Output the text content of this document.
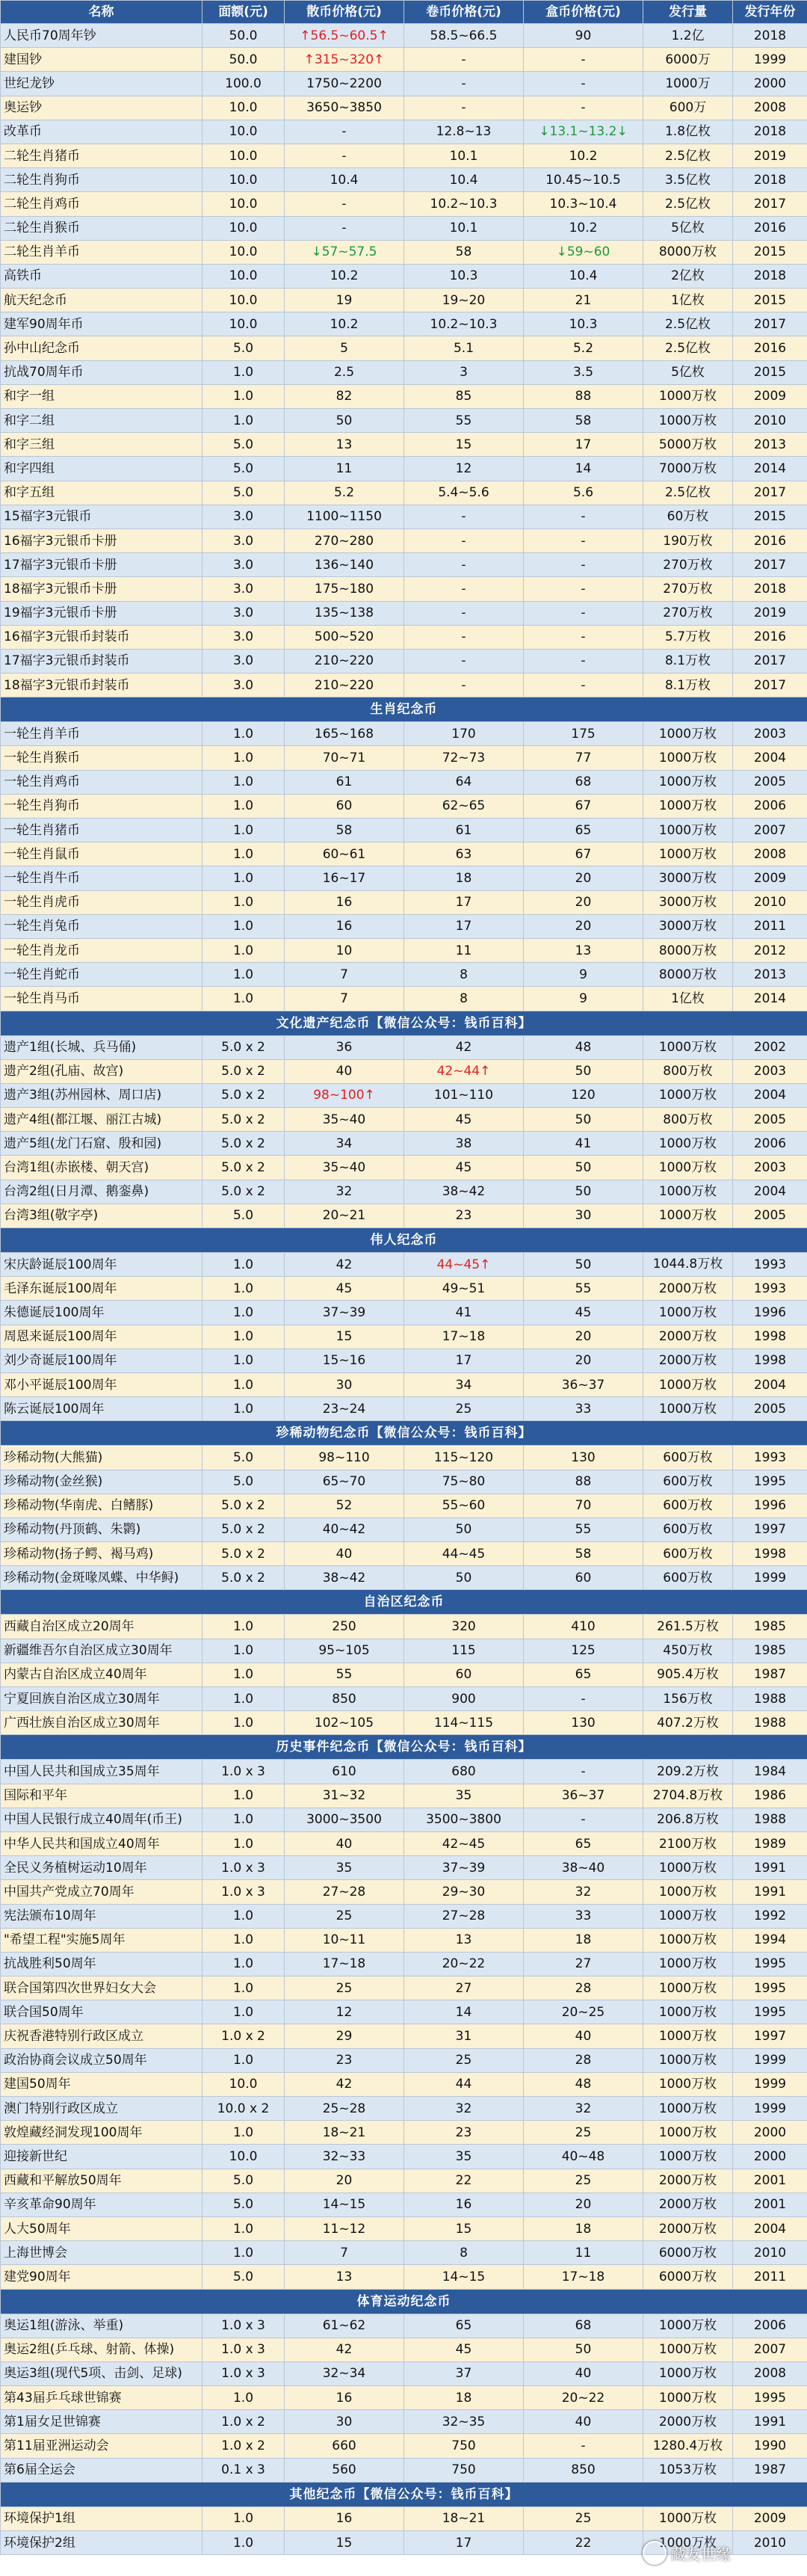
名称	面额(元)	散币价格(元)	卷币价格(元)	盒币价格(元)	发行量	发行年份
人民币70周年钞	50.0	↑56.5~60.5↑	58.5~66.5	90	1.2亿	2018
建国钞	50.0	↑315~320↑	-	-	6000万	1999
世纪龙钞	100.0	1750~2200	-	-	1000万	2000
奥运钞	10.0	3650~3850	-	-	600万	2008
改革币	10.0	-	12.8~13	↓13.1~13.2↓	1.8亿枚	2018
二轮生肖猪币	10.0	-	10.1	10.2	2.5亿枚	2019
二轮生肖狗币	10.0	10.4	10.4	10.45~10.5	3.5亿枚	2018
二轮生肖鸡币	10.0	-	10.2~10.3	10.3~10.4	2.5亿枚	2017
二轮生肖猴币	10.0	-	10.1	10.2	5亿枚	2016
二轮生肖羊币	10.0	↓57~57.5	58	↓59~60	8000万枚	2015
高铁币	10.0	10.2	10.3	10.4	2亿枚	2018
航天纪念币	10.0	19	19~20	21	1亿枚	2015
建军90周年币	10.0	10.2	10.2~10.3	10.3	2.5亿枚	2017
孙中山纪念币	5.0	5	5.1	5.2	2.5亿枚	2016
抗战70周年币	1.0	2.5	3	3.5	5亿枚	2015
和字一组	1.0	82	85	88	1000万枚	2009
和字二组	1.0	50	55	58	1000万枚	2010
和字三组	5.0	13	15	17	5000万枚	2013
和字四组	5.0	11	12	14	7000万枚	2014
和字五组	5.0	5.2	5.4~5.6	5.6	2.5亿枚	2017
15福字3元银币	3.0	1100~1150	-	-	60万枚	2015
16福字3元银币卡册	3.0	270~280	-	-	190万枚	2016
17福字3元银币卡册	3.0	136~140	-	-	270万枚	2017
18福字3元银币卡册	3.0	175~180	-	-	270万枚	2018
19福字3元银币卡册	3.0	135~138	-	-	270万枚	2019
16福字3元银币封装币	3.0	500~520	-	-	5.7万枚	2016
17福字3元银币封装币	3.0	210~220	-	-	8.1万枚	2017
18福字3元银币封装币	3.0	210~220	-	-	8.1万枚	2017
生肖纪念币						
一轮生肖羊币	1.0	165~168	170	175	1000万枚	2003
一轮生肖猴币	1.0	70~71	72~73	77	1000万枚	2004
一轮生肖鸡币	1.0	61	64	68	1000万枚	2005
一轮生肖狗币	1.0	60	62~65	67	1000万枚	2006
一轮生肖猪币	1.0	58	61	65	1000万枚	2007
一轮生肖鼠币	1.0	60~61	63	67	1000万枚	2008
一轮生肖牛币	1.0	16~17	18	20	3000万枚	2009
一轮生肖虎币	1.0	16	17	20	3000万枚	2010
一轮生肖兔币	1.0	16	17	20	3000万枚	2011
一轮生肖龙币	1.0	10	11	13	8000万枚	2012
一轮生肖蛇币	1.0	7	8	9	8000万枚	2013
一轮生肖马币	1.0	7	8	9	1亿枚	2014
文化遗产纪念币【微信公众号：钱币百科】						
遗产1组(长城、兵马俑)	5.0 x 2	36	42	48	1000万枚	2002
遗产2组(孔庙、故宫)	5.0 x 2	40	42~44↑	50	800万枚	2003
遗产3组(苏州园林、周口店)	5.0 x 2	98~100↑	101~110	120	1000万枚	2004
遗产4组(都江堰、丽江古城)	5.0 x 2	35~40	45	50	800万枚	2005
遗产5组(龙门石窟、殷和园)	5.0 x 2	34	38	41	1000万枚	2006
台湾1组(赤嵌楼、朝天宫)	5.0 x 2	35~40	45	50	1000万枚	2003
台湾2组(日月潭、鹅銮鼻)	5.0 x 2	32	38~42	50	1000万枚	2004
台湾3组(敬字亭)	5.0	20~21	23	30	1000万枚	2005
伟人纪念币						
宋庆龄诞辰100周年	1.0	42	44~45↑	50	1044.8万枚	1993
毛泽东诞辰100周年	1.0	45	49~51	55	2000万枚	1993
朱德诞辰100周年	1.0	37~39	41	45	1000万枚	1996
周恩来诞辰100周年	1.0	15	17~18	20	2000万枚	1998
刘少奇诞辰100周年	1.0	15~16	17	20	2000万枚	1998
邓小平诞辰100周年	1.0	30	34	36~37	1000万枚	2004
陈云诞辰100周年	1.0	23~24	25	33	1000万枚	2005
珍稀动物纪念币【微信公众号：钱币百科】						
珍稀动物(大熊猫)	5.0	98~110	115~120	130	600万枚	1993
珍稀动物(金丝猴)	5.0	65~70	75~80	88	600万枚	1995
珍稀动物(华南虎、白鳍豚)	5.0 x 2	52	55~60	70	600万枚	1996
珍稀动物(丹顶鹤、朱鹮)	5.0 x 2	40~42	50	55	600万枚	1997
珍稀动物(扬子鳄、褐马鸡)	5.0 x 2	40	44~45	58	600万枚	1998
珍稀动物(金斑喙凤蝶、中华鲟)	5.0 x 2	38~42	50	60	600万枚	1999
自治区纪念币						
西藏自治区成立20周年	1.0	250	320	410	261.5万枚	1985
新疆维吾尔自治区成立30周年	1.0	95~105	115	125	450万枚	1985
内蒙古自治区成立40周年	1.0	55	60	65	905.4万枚	1987
宁夏回族自治区成立30周年	1.0	850	900	-	156万枚	1988
广西壮族自治区成立30周年	1.0	102~105	114~115	130	407.2万枚	1988
历史事件纪念币【微信公众号：钱币百科】						
中国人民共和国成立35周年	1.0 x 3	610	680	-	209.2万枚	1984
国际和平年	1.0	31~32	35	36~37	2704.8万枚	1986
中国人民银行成立40周年(币王)	1.0	3000~3500	3500~3800	-	206.8万枚	1988
中华人民共和国成立40周年	1.0	40	42~45	65	2100万枚	1989
全民义务植树运动10周年	1.0 x 3	35	37~39	38~40	1000万枚	1991
中国共产党成立70周年	1.0 x 3	27~28	29~30	32	1000万枚	1991
宪法颁布10周年	1.0	25	27~28	33	1000万枚	1992
"希望工程"实施5周年	1.0	10~11	13	18	1000万枚	1994
抗战胜利50周年	1.0	17~18	20~22	27	1000万枚	1995
联合国第四次世界妇女大会	1.0	25	27	28	1000万枚	1995
联合国50周年	1.0	12	14	20~25	1000万枚	1995
庆祝香港特别行政区成立	1.0 x 2	29	31	40	1000万枚	1997
政治协商会议成立50周年	1.0	23	25	28	1000万枚	1999
建国50周年	10.0	42	44	48	1000万枚	1999
澳门特别行政区成立	10.0 x 2	25~28	32	32	1000万枚	1999
敦煌藏经洞发现100周年	1.0	18~21	23	25	1000万枚	2000
迎接新世纪	10.0	32~33	35	40~48	1000万枚	2000
西藏和平解放50周年	5.0	20	22	25	2000万枚	2001
辛亥革命90周年	5.0	14~15	16	20	2000万枚	2001
人大50周年	1.0	11~12	15	18	2000万枚	2004
上海世博会	1.0	7	8	11	6000万枚	2010
建党90周年	5.0	13	14~15	17~18	6000万枚	2011
体育运动纪念币						
奥运1组(游泳、举重)	1.0 x 3	61~62	65	68	1000万枚	2006
奥运2组(乒乓球、射箭、体操)	1.0 x 3	42	45	50	1000万枚	2007
奥运3组(现代5项、击剑、足球)	1.0 x 3	32~34	37	40	1000万枚	2008
第43届乒乓球世锦赛	1.0	16	18	20~22	1000万枚	1995
第1届女足世锦赛	1.0 x 2	30	32~35	40	2000万枚	1991
第11届亚洲运动会	1.0 x 2	660	750	-	1280.4万枚	1990
第6届全运会	0.1 x 3	560	750	850	1053万枚	1987
其他纪念币【微信公众号：钱币百科】						
环境保护1组	1.0	16	18~21	25	1000万枚	2009
环境保护2组	1.0	15	17	22	1000万枚	2010
藏友世缘
